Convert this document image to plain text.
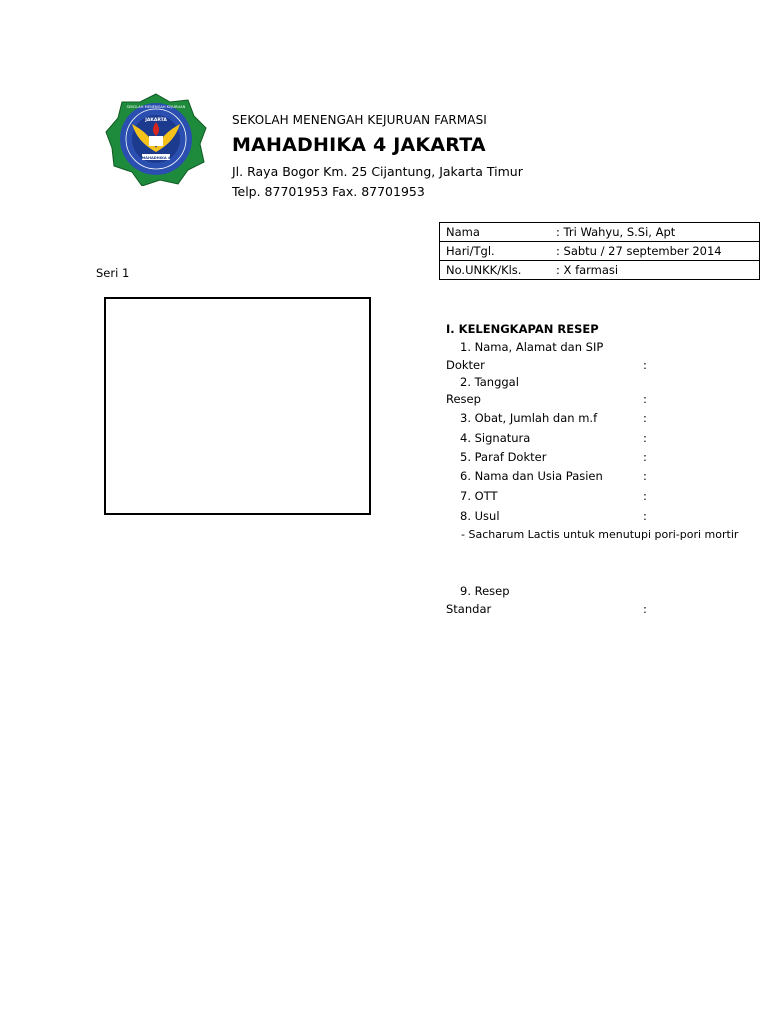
JAKARTA
MAHADHIKA 4
SEKOLAH MENENGAH KEJURUAN
SEKOLAH MENENGAH KEJURUAN FARMASI
MAHADHIKA 4 JAKARTA
Jl. Raya Bogor Km. 25 Cijantung, Jakarta Timur
Telp. 87701953 Fax. 87701953
Nama	: Tri Wahyu, S.Si, Apt
Hari/Tgl.	: Sabtu / 27 september 2014
No.UNKK/Kls.	: X farmasi
Seri 1
I. KELENGKAPAN RESEP
1. Nama, Alamat dan SIP
Dokter	:
2. Tanggal
Resep	:
3. Obat, Jumlah dan m.f	:
4. Signatura	:
5. Paraf Dokter	:
6. Nama dan Usia Pasien	:
7. OTT	:
8. Usul	:
- Sacharum Lactis untuk menutupi pori-pori mortir
9. Resep
Standar	:
